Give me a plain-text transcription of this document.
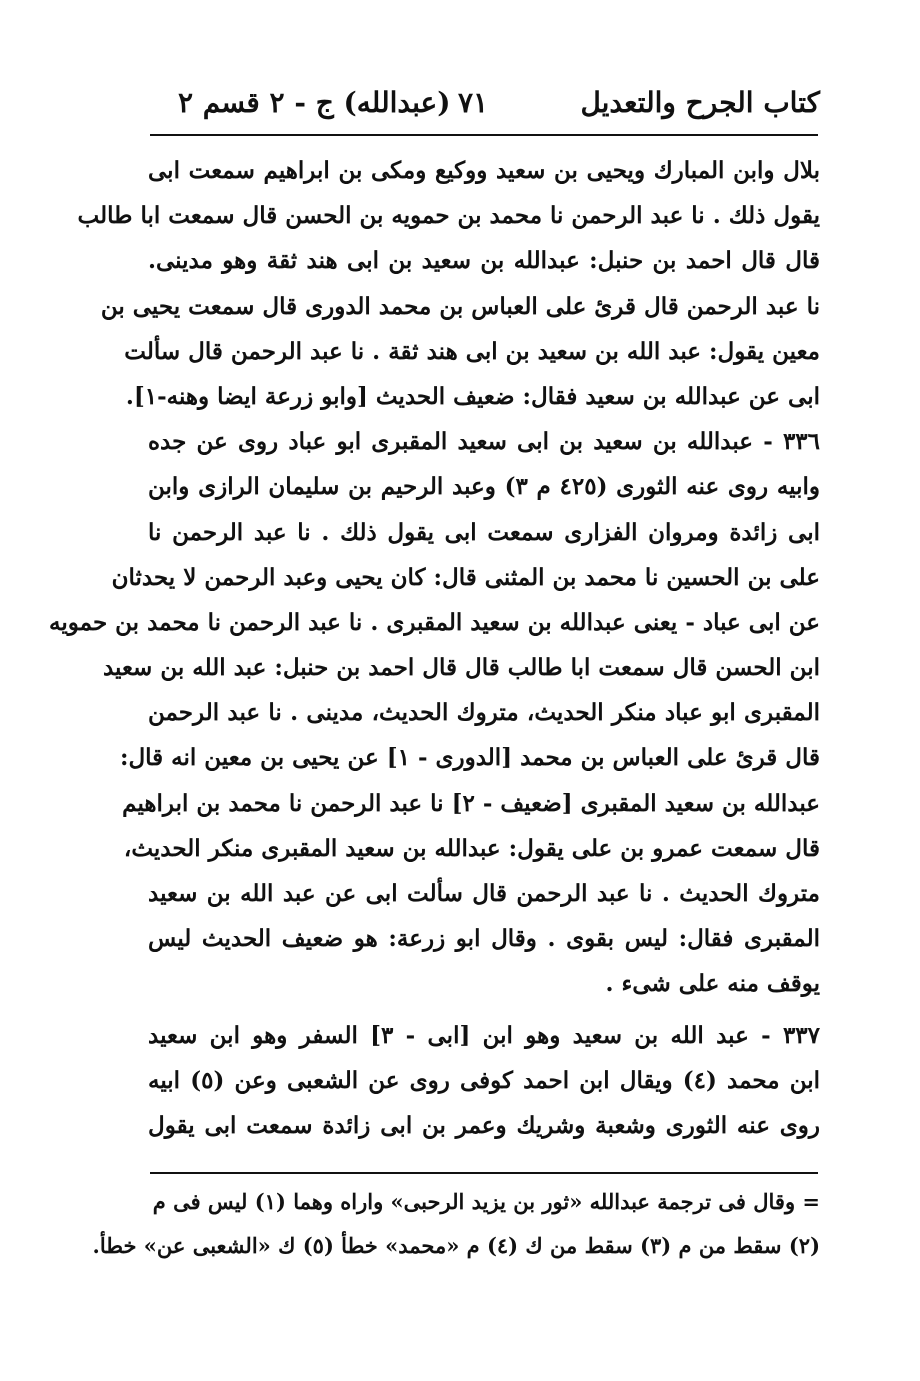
كتاب الجرح والتعديل
٧١
(عبدالله) ج - ٢ قسم ٢
بلال وابن المبارك ويحيى بن سعيد ووكيع ومكى بن ابراهيم سمعت ابى
يقول ذلك . نا عبد الرحمن نا محمد بن حمويه بن الحسن قال سمعت ابا طالب
قال قال احمد بن حنبل: عبدالله بن سعيد بن ابى هند ثقة وهو مدينى.
نا عبد الرحمن قال قرئ على العباس بن محمد الدورى قال سمعت يحيى بن
معين يقول: عبد الله بن سعيد بن ابى هند ثقة . نا عبد الرحمن قال سألت
ابى عن عبدالله بن سعيد فقال: ضعيف الحديث [وابو زرعة ايضا وهنه-١].
٣٣٦ - عبدالله بن سعيد بن ابى سعيد المقبرى ابو عباد روى عن جده
وابيه روى عنه الثورى (٤٢٥ م ٣) وعبد الرحيم بن سليمان الرازى وابن
ابى زائدة ومروان الفزارى سمعت ابى يقول ذلك . نا عبد الرحمن نا
على بن الحسين نا محمد بن المثنى قال: كان يحيى وعبد الرحمن لا يحدثان
عن ابى عباد - يعنى عبدالله بن سعيد المقبرى . نا عبد الرحمن نا محمد بن حمويه
ابن الحسن قال سمعت ابا طالب قال قال احمد بن حنبل: عبد الله بن سعيد
المقبرى ابو عباد منكر الحديث، متروك الحديث، مدينى . نا عبد الرحمن
قال قرئ على العباس بن محمد [الدورى - ١] عن يحيى بن معين انه قال:
عبدالله بن سعيد المقبرى [ضعيف - ٢] نا عبد الرحمن نا محمد بن ابراهيم
قال سمعت عمرو بن على يقول: عبدالله بن سعيد المقبرى منكر الحديث،
متروك الحديث . نا عبد الرحمن قال سألت ابى عن عبد الله بن سعيد
المقبرى فقال: ليس بقوى . وقال ابو زرعة: هو ضعيف الحديث ليس
يوقف منه على شىء .
٣٣٧ - عبد الله بن سعيد وهو ابن [ابى - ٣] السفر وهو ابن سعيد
ابن محمد (٤) ويقال ابن احمد كوفى روى عن الشعبى وعن (٥) ابيه
روى عنه الثورى وشعبة وشريك وعمر بن ابى زائدة سمعت ابى يقول
= وقال فى ترجمة عبدالله «ثور بن يزيد الرحبى» واراه وهما (١) ليس فى م
(٢) سقط من م (٣) سقط من ك (٤) م «محمد» خطأ (٥) ك «الشعبى عن» خطأ.
